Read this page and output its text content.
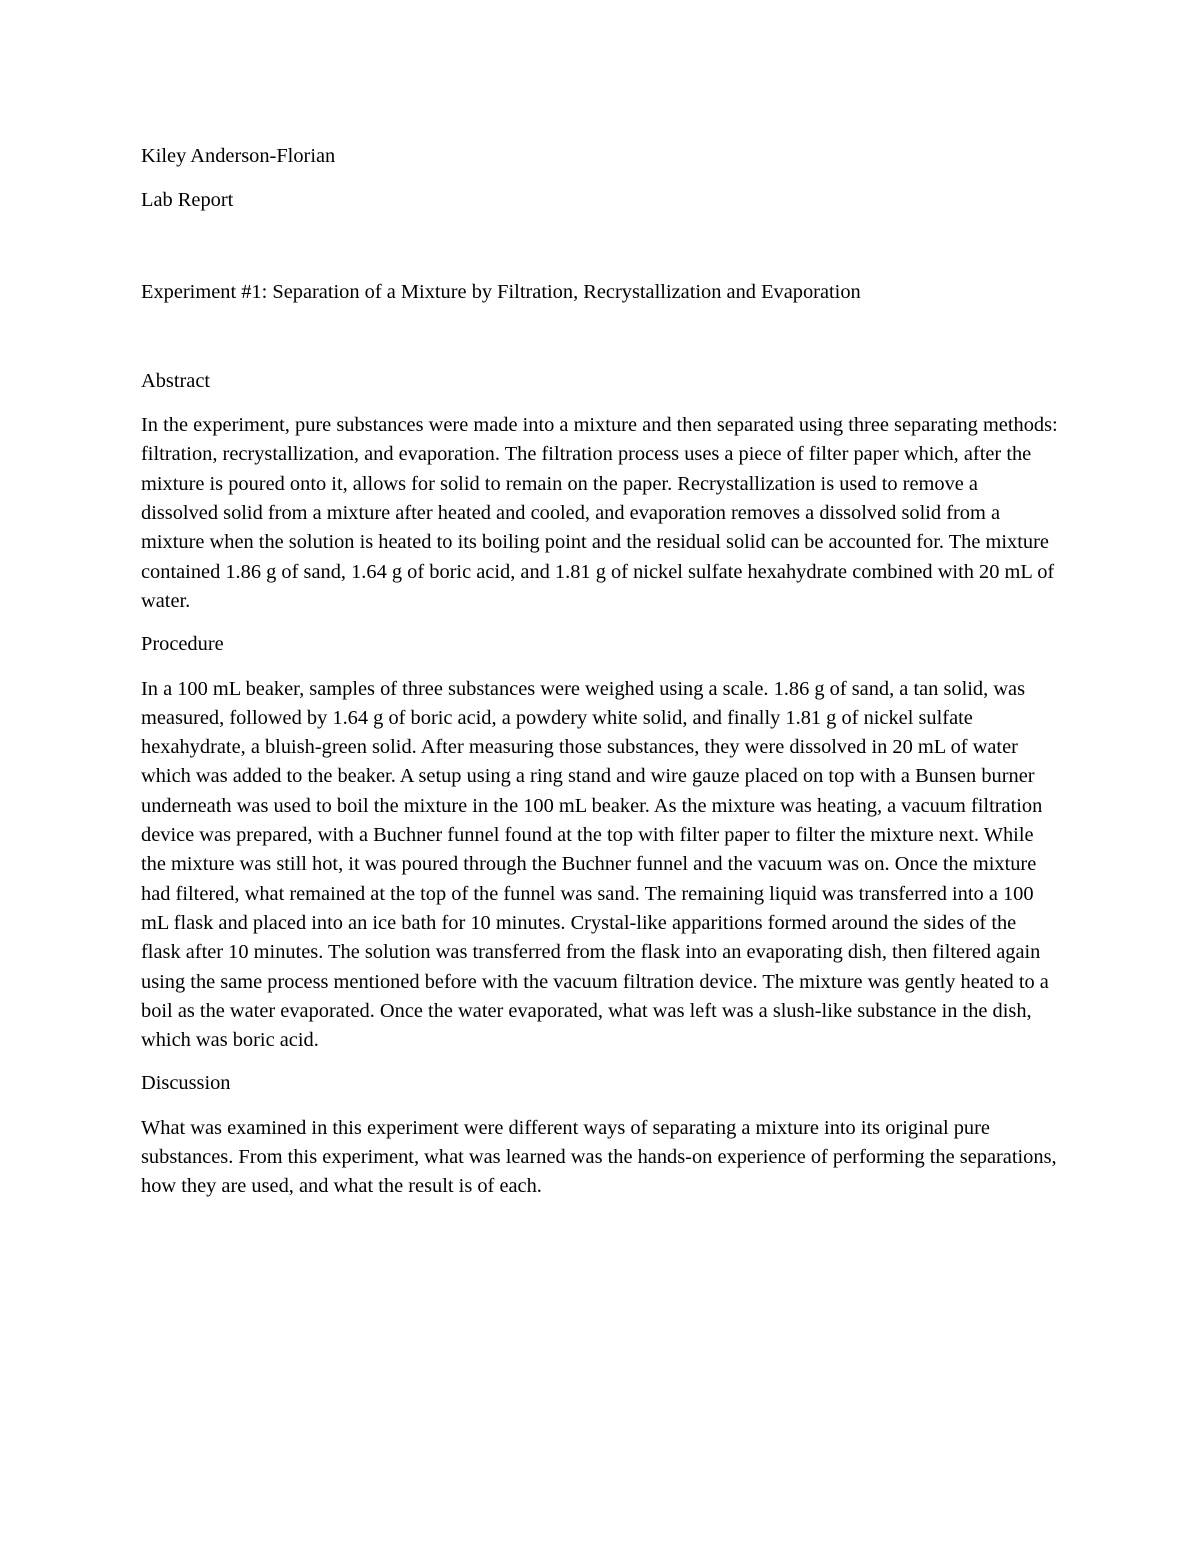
Kiley Anderson-Florian

Lab Report

Experiment #1: Separation of a Mixture by Filtration, Recrystallization and Evaporation

Abstract

In the experiment, pure substances were made into a mixture and then separated using three separating methods: filtration, recrystallization, and evaporation. The filtration process uses a piece of filter paper which, after the mixture is poured onto it, allows for solid to remain on the paper. Recrystallization is used to remove a dissolved solid from a mixture after heated and cooled, and evaporation removes a dissolved solid from a mixture when the solution is heated to its boiling point and the residual solid can be accounted for. The mixture contained 1.86 g of sand, 1.64 g of boric acid, and 1.81 g of nickel sulfate hexahydrate combined with 20 mL of water.

Procedure

In a 100 mL beaker, samples of three substances were weighed using a scale. 1.86 g of sand, a tan solid, was measured, followed by 1.64 g of boric acid, a powdery white solid, and finally 1.81 g of nickel sulfate hexahydrate, a bluish-green solid. After measuring those substances, they were dissolved in 20 mL of water which was added to the beaker. A setup using a ring stand and wire gauze placed on top with a Bunsen burner underneath was used to boil the mixture in the 100 mL beaker. As the mixture was heating, a vacuum filtration device was prepared, with a Buchner funnel found at the top with filter paper to filter the mixture next. While the mixture was still hot, it was poured through the Buchner funnel and the vacuum was on. Once the mixture had filtered, what remained at the top of the funnel was sand. The remaining liquid was transferred into a 100 mL flask and placed into an ice bath for 10 minutes. Crystal-like apparitions formed around the sides of the flask after 10 minutes. The solution was transferred from the flask into an evaporating dish, then filtered again using the same process mentioned before with the vacuum filtration device. The mixture was gently heated to a boil as the water evaporated. Once the water evaporated, what was left was a slush-like substance in the dish, which was boric acid.

Discussion

What was examined in this experiment were different ways of separating a mixture into its original pure substances. From this experiment, what was learned was the hands-on experience of performing the separations, how they are used, and what the result is of each.
